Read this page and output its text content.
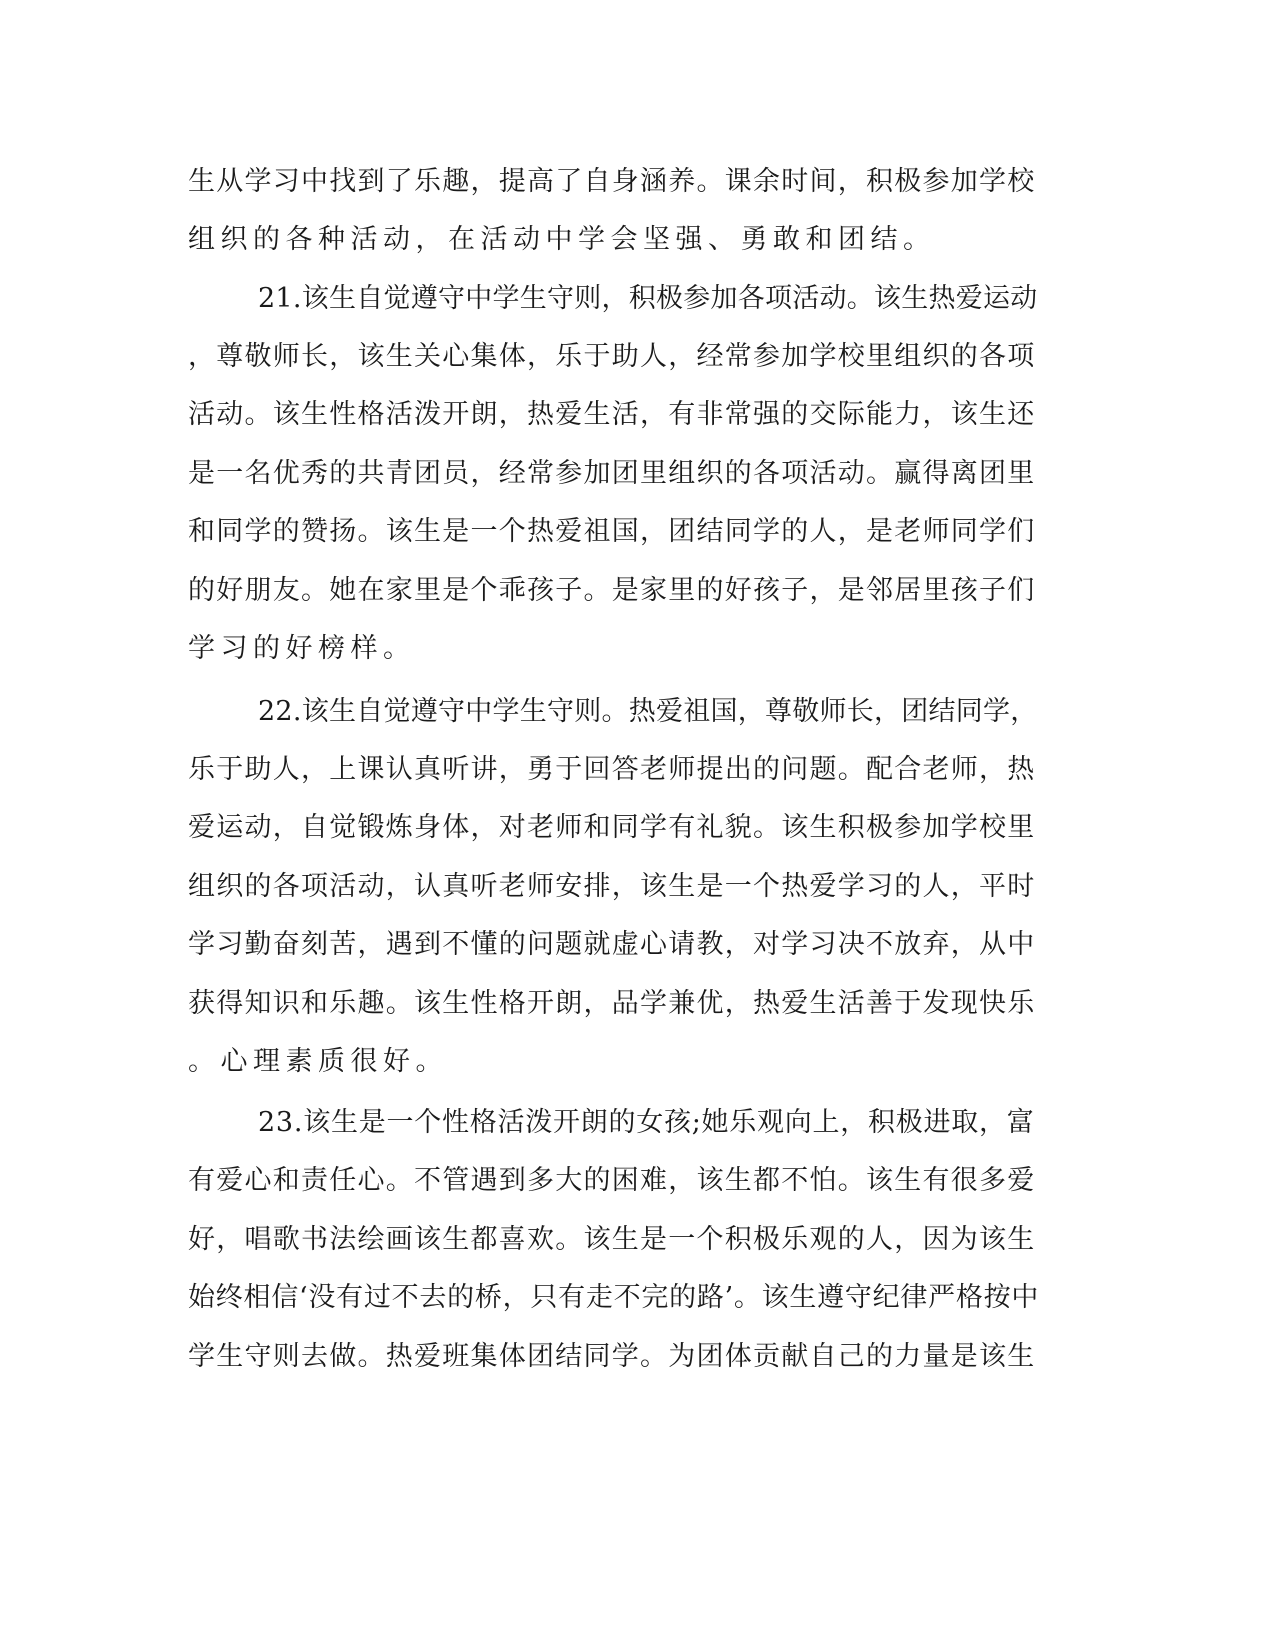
生从学习中找到了乐趣，提高了自身涵养。课余时间，积极参加学校
组织的各种活动，在活动中学会坚强、勇敢和团结。
21.该生自觉遵守中学生守则，积极参加各项活动。该生热爱运动
，尊敬师长，该生关心集体，乐于助人，经常参加学校里组织的各项
活动。该生性格活泼开朗，热爱生活，有非常强的交际能力，该生还
是一名优秀的共青团员，经常参加团里组织的各项活动。赢得离团里
和同学的赞扬。该生是一个热爱祖国，团结同学的人，是老师同学们
的好朋友。她在家里是个乖孩子。是家里的好孩子，是邻居里孩子们
学习的好榜样。
22.该生自觉遵守中学生守则。热爱祖国，尊敬师长，团结同学，
乐于助人，上课认真听讲，勇于回答老师提出的问题。配合老师，热
爱运动，自觉锻炼身体，对老师和同学有礼貌。该生积极参加学校里
组织的各项活动，认真听老师安排，该生是一个热爱学习的人，平时
学习勤奋刻苦，遇到不懂的问题就虚心请教，对学习决不放弃，从中
获得知识和乐趣。该生性格开朗，品学兼优，热爱生活善于发现快乐
。心理素质很好。
23.该生是一个性格活泼开朗的女孩;她乐观向上，积极进取，富
有爱心和责任心。不管遇到多大的困难，该生都不怕。该生有很多爱
好，唱歌书法绘画该生都喜欢。该生是一个积极乐观的人，因为该生
始终相信‘没有过不去的桥，只有走不完的路’。该生遵守纪律严格按中
学生守则去做。热爱班集体团结同学。为团体贡献自己的力量是该生
